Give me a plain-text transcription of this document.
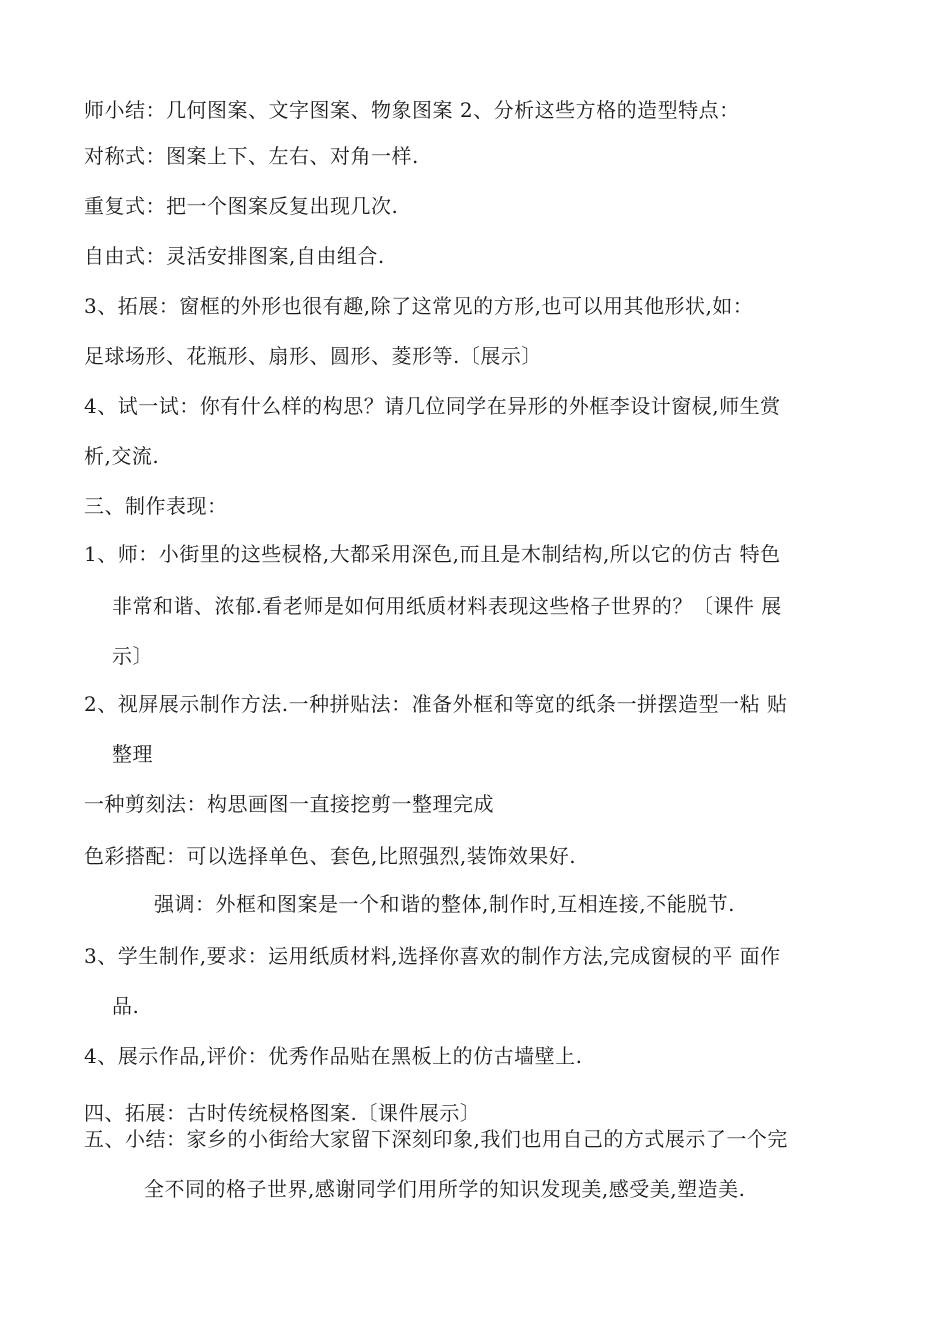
师小结：几何图案、文字图案、物象图案 2、分析这些方格的造型特点：
对称式：图案上下、左右、对角一样.
重复式：把一个图案反复出现几次.
自由式：灵活安排图案,自由组合.
3、拓展：窗框的外形也很有趣,除了这常见的方形,也可以用其他形状,如：
足球场形、花瓶形、扇形、圆形、菱形等.〔展示〕
4、试一试：你有什么样的构思？请几位同学在异形的外框李设计窗棂,师生赏
析,交流.
三、制作表现：
1、师：小街里的这些棂格,大都采用深色,而且是木制结构,所以它的仿古 特色
非常和谐、浓郁.看老师是如何用纸质材料表现这些格子世界的？〔课件 展
示〕
2、视屏展示制作方法.一种拼贴法：准备外框和等宽的纸条一拼摆造型一粘 贴
整理
一种剪刻法：构思画图一直接挖剪一整理完成
色彩搭配：可以选择单色、套色,比照强烈,装饰效果好.
强调：外框和图案是一个和谐的整体,制作时,互相连接,不能脱节.
3、学生制作,要求：运用纸质材料,选择你喜欢的制作方法,完成窗棂的平 面作
品.
4、展示作品,评价：优秀作品贴在黑板上的仿古墙壁上.
四、拓展：古时传统棂格图案.〔课件展示〕
五、小结：家乡的小街给大家留下深刻印象,我们也用自己的方式展示了一个完
全不同的格子世界,感谢同学们用所学的知识发现美,感受美,塑造美.
